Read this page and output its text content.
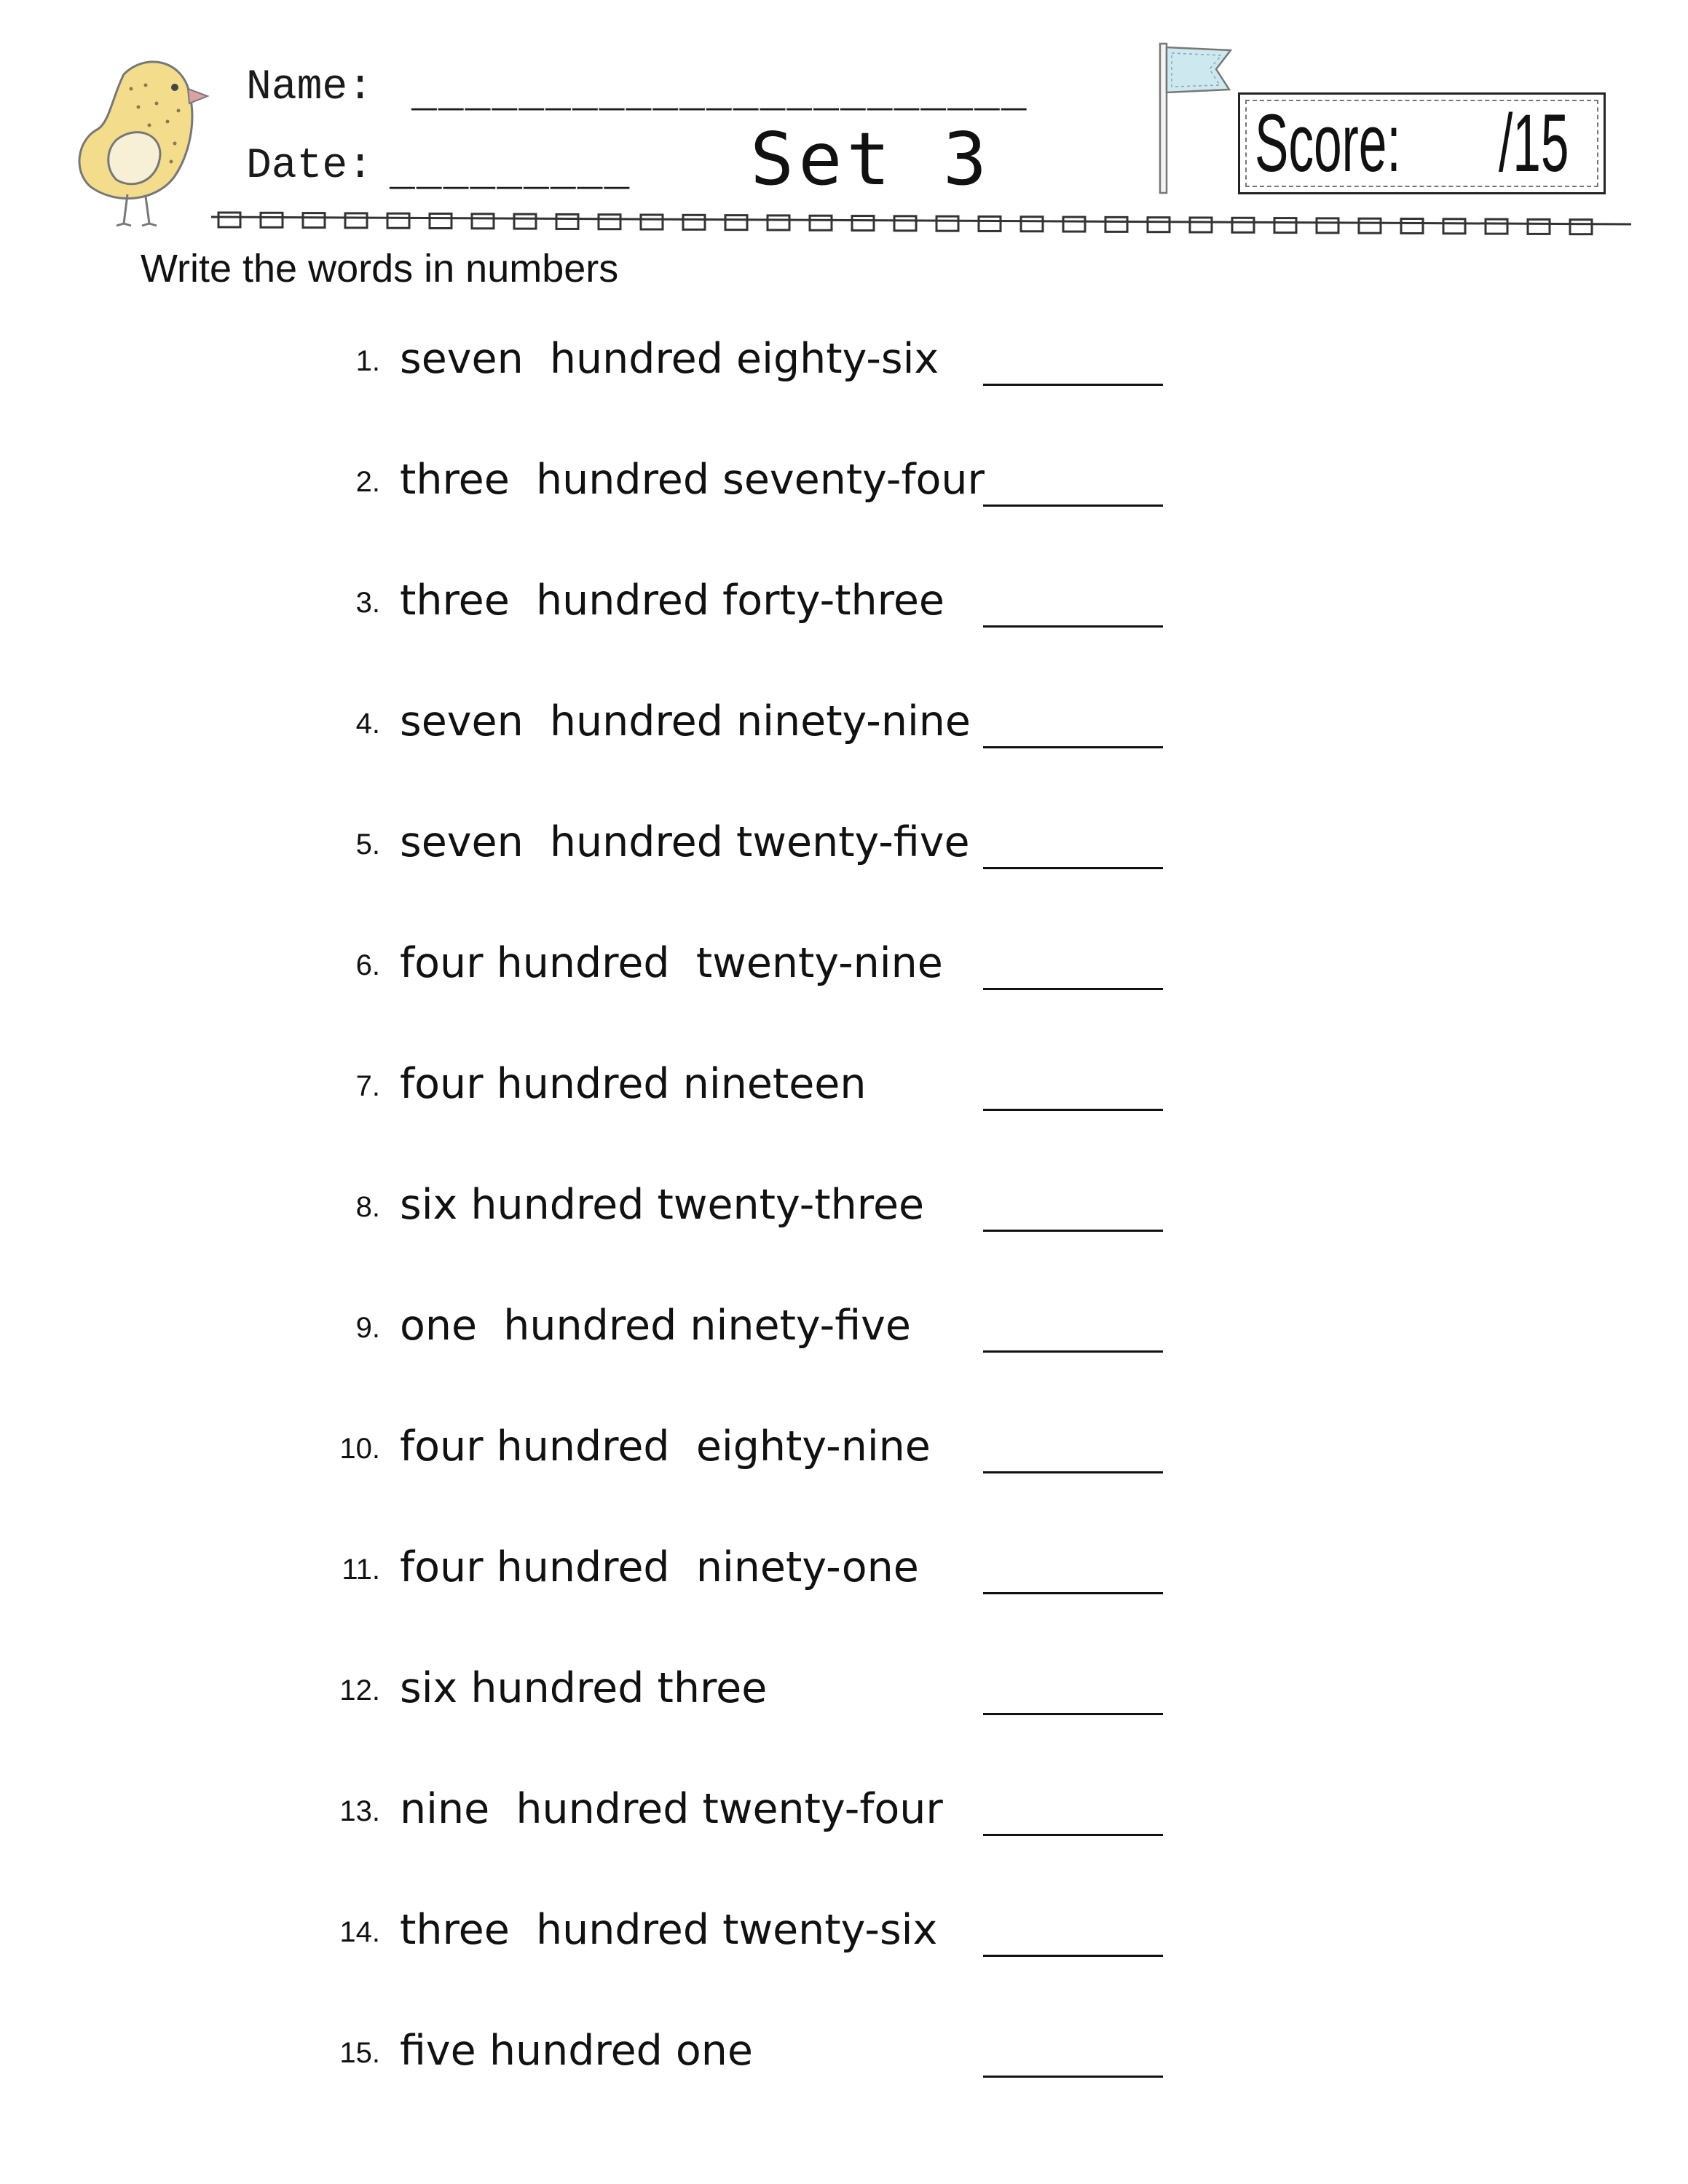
Name: _______________________
Date: _________ Set 3	Score: /15
Write the words in numbers
1. seven  hundred eighty-six
2. three  hundred seventy-four
3. three  hundred forty-three
4. seven  hundred ninety-nine
5. seven  hundred twenty-five
6. four hundred  twenty-nine
7. four hundred nineteen
8. six hundred twenty-three
9. one  hundred ninety-five
10. four hundred  eighty-nine
11. four hundred  ninety-one
12. six hundred three
13. nine  hundred twenty-four
14. three  hundred twenty-six
15. five hundred one
